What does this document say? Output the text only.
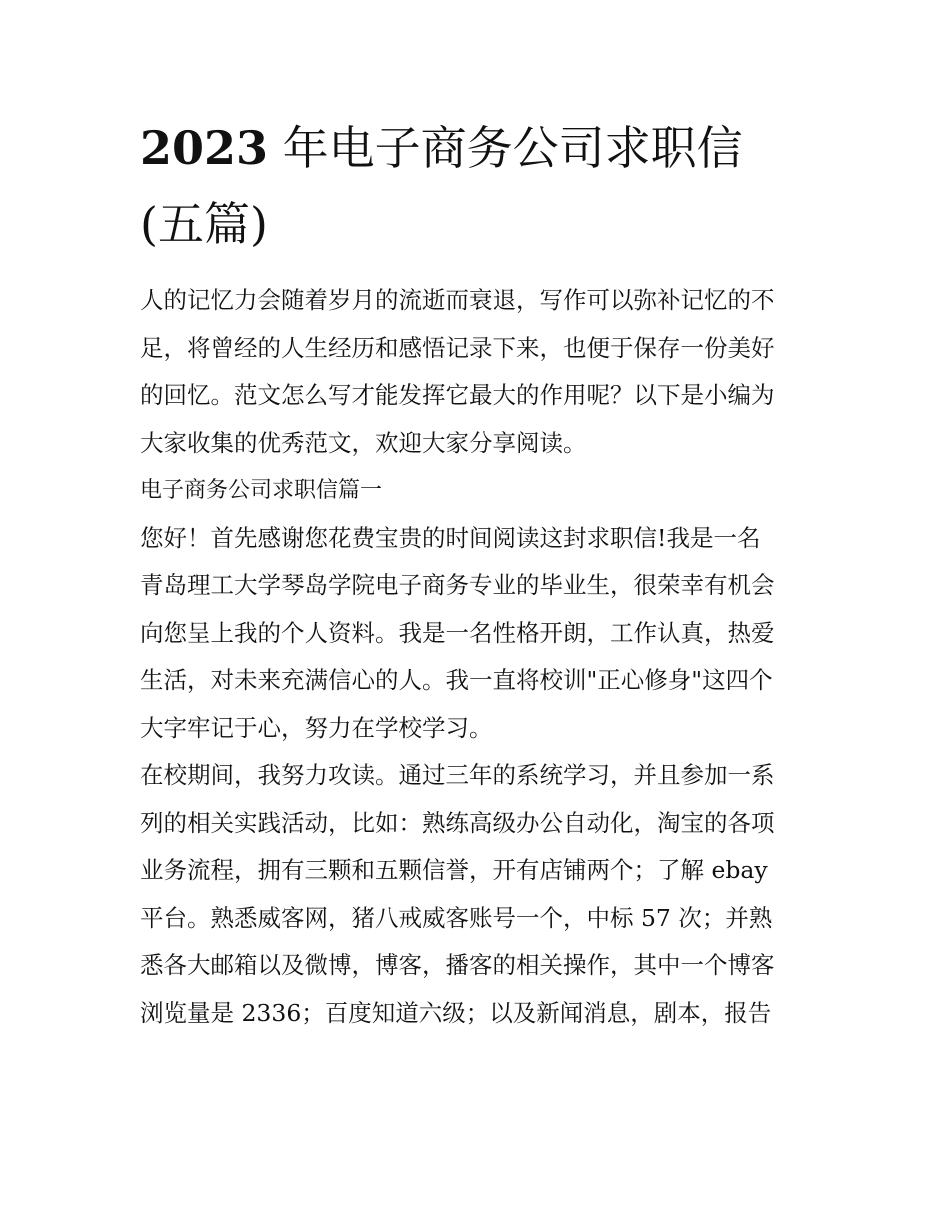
2023 年电子商务公司求职信
(五篇)

人的记忆力会随着岁月的流逝而衰退，写作可以弥补记忆的不
足，将曾经的人生经历和感悟记录下来，也便于保存一份美好
的回忆。范文怎么写才能发挥它最大的作用呢？以下是小编为
大家收集的优秀范文，欢迎大家分享阅读。

电子商务公司求职信篇一

您好！首先感谢您花费宝贵的时间阅读这封求职信!我是一名
青岛理工大学琴岛学院电子商务专业的毕业生，很荣幸有机会
向您呈上我的个人资料。我是一名性格开朗，工作认真，热爱
生活，对未来充满信心的人。我一直将校训"正心修身"这四个
大字牢记于心，努力在学校学习。

在校期间，我努力攻读。通过三年的系统学习，并且参加一系
列的相关实践活动，比如：熟练高级办公自动化，淘宝的各项
业务流程，拥有三颗和五颗信誉，开有店铺两个；了解 ebay
平台。熟悉威客网，猪八戒威客账号一个，中标 57 次；并熟
悉各大邮箱以及微博，博客，播客的相关操作，其中一个博客
浏览量是 2336；百度知道六级；以及新闻消息，剧本，报告
